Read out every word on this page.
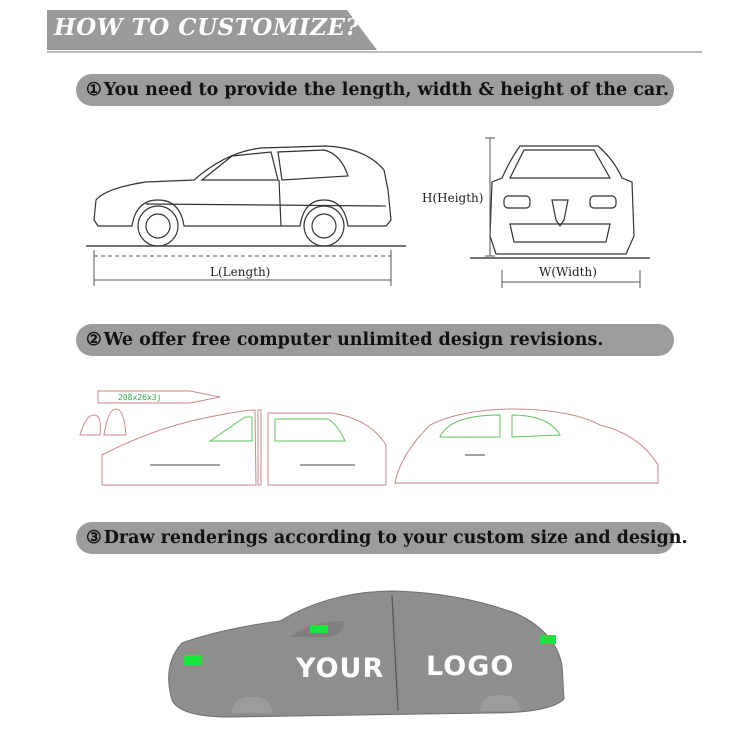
HOW TO CUSTOMIZE?
① You need to provide the length, width & height of the car.
L(Length)
H(Heigth)
W(Width)
② We offer free computer unlimited design revisions.
208x26x3j
③ Draw renderings according to your custom size and design.
YOUR LOGO
